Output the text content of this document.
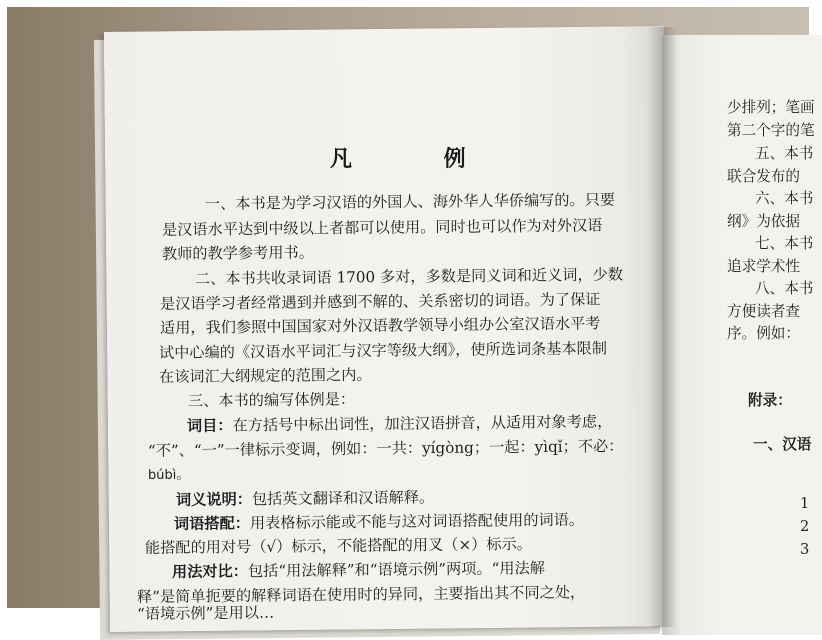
凡 例
一、本书是为学习汉语的外国人、海外华人华侨编写的。只要
是汉语水平达到中级以上者都可以使用。同时也可以作为对外汉语
教师的教学参考用书。
二、本书共收录词语 1700 多对，多数是同义词和近义词，少数
是汉语学习者经常遇到并感到不解的、关系密切的词语。为了保证
适用，我们参照中国国家对外汉语教学领导小组办公室汉语水平考
试中心编的《汉语水平词汇与汉字等级大纲》，使所选词条基本限制
在该词汇大纲规定的范围之内。
三、本书的编写体例是：
词目：在方括号中标出词性，加注汉语拼音，从适用对象考虑，
“不”、“一”一律标示变调，例如：一共：yígòng；一起：yìqǐ；不必：
búbì。
词义说明：包括英文翻译和汉语解释。
词语搭配：用表格标示能或不能与这对词语搭配使用的词语。
能搭配的用对号（√）标示，不能搭配的用叉（×）标示。
用法对比：包括“用法解释”和“语境示例”两项。“用法解
释”是简单扼要的解释词语在使用时的异同，主要指出其不同之处，
少排列；笔画
第二个字的笔
五、本书
联合发布的
六、本书
纲》为依据
七、本书
追求学术性
八、本书
方便读者查
序。例如：
附录：
一、汉语
1
2
3
